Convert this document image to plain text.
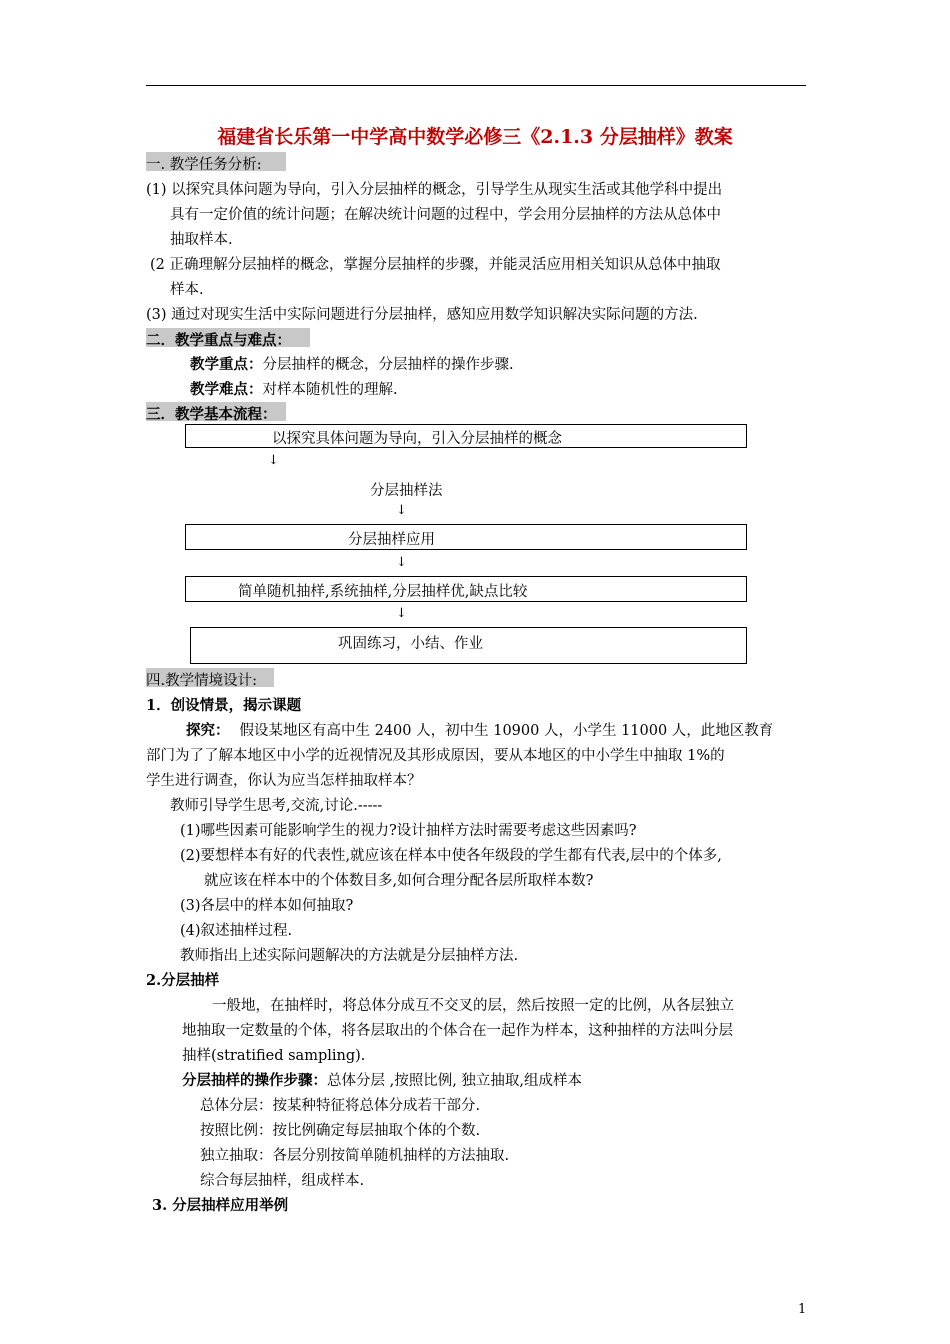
福建省长乐第一中学高中数学必修三《2.1.3 分层抽样》教案
一. 教学任务分析:
(1) 以探究具体问题为导向，引入分层抽样的概念，引导学生从现实生活或其他学科中提出
具有一定价值的统计问题；在解决统计问题的过程中，学会用分层抽样的方法从总体中
抽取样本.
(2 正确理解分层抽样的概念，掌握分层抽样的步骤，并能灵活应用相关知识从总体中抽取
样本.
(3) 通过对现实生活中实际问题进行分层抽样，感知应用数学知识解决实际问题的方法.
二．教学重点与难点：
教学重点：分层抽样的概念，分层抽样的操作步骤.
教学难点：对样本随机性的理解.
三．教学基本流程：
以探究具体问题为导向，引入分层抽样的概念
↓
分层抽样法
↓
分层抽样应用
↓
简单随机抽样,系统抽样,分层抽样优,缺点比较
↓
巩固练习，小结、作业
四.教学情境设计:
1．创设情景，揭示课题
探究： 假设某地区有高中生 2400 人，初中生 10900 人，小学生 11000 人，此地区教育
部门为了了解本地区中小学的近视情况及其形成原因，要从本地区的中小学生中抽取 1%的
学生进行调查，你认为应当怎样抽取样本？
教师引导学生思考,交流,讨论.-----
(1)哪些因素可能影响学生的视力?设计抽样方法时需要考虑这些因素吗?
(2)要想样本有好的代表性,就应该在样本中使各年级段的学生都有代表,层中的个体多,
就应该在样本中的个体数目多,如何合理分配各层所取样本数?
(3)各层中的样本如何抽取?
(4)叙述抽样过程.
教师指出上述实际问题解决的方法就是分层抽样方法.
2.分层抽样
一般地，在抽样时，将总体分成互不交叉的层，然后按照一定的比例，从各层独立
地抽取一定数量的个体，将各层取出的个体合在一起作为样本，这种抽样的方法叫分层
抽样(stratified sampling).
分层抽样的操作步骤：总体分层 ,按照比例, 独立抽取,组成样本
总体分层：按某种特征将总体分成若干部分.
按照比例：按比例确定每层抽取个体的个数.
独立抽取：各层分别按简单随机抽样的方法抽取.
综合每层抽样，组成样本.
3. 分层抽样应用举例
1
